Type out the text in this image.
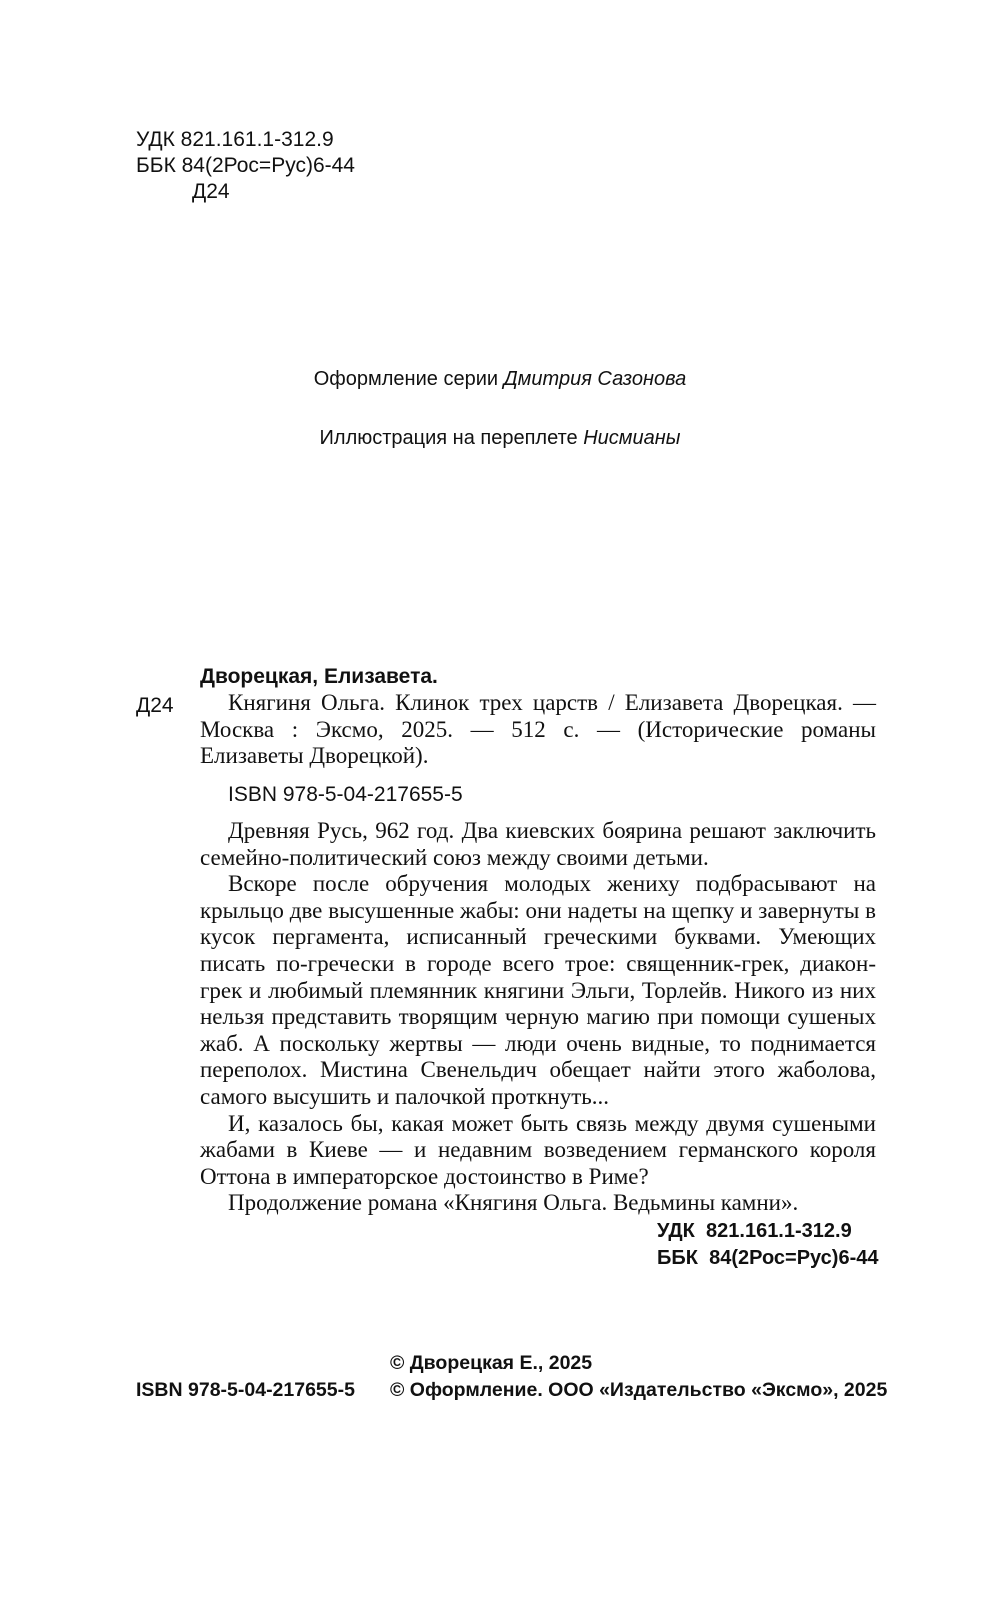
УДК 821.161.1-312.9
ББК 84(2Рос=Рус)6-44
Д24
Оформление серии Дмитрия Сазонова
Иллюстрация на переплете Нисмианы
Дворецкая, Елизавета.
Д24	Княгиня Ольга. Клинок трех царств / Елизавета Дворецкая. — Москва : Эксмо, 2025. — 512 с. — (Исторические романы Елизаветы Дворецкой).

ISBN 978-5-04-217655-5

Древняя Русь, 962 год. Два киевских боярина решают заключить семейно-политический союз между своими детьми.

Вскоре после обручения молодых жениху подбрасывают на крыльцо две высушенные жабы: они надеты на щепку и завернуты в кусок пергамента, исписанный греческими буквами. Умеющих писать по-гречески в городе всего трое: священник-грек, диакон-грек и любимый племянник княгини Эльги, Торлейв. Никого из них нельзя представить творящим черную магию при помощи сушеных жаб. А поскольку жертвы — люди очень видные, то поднимается переполох. Мистина Свенельдич обещает найти этого жаболова, самого высушить и палочкой проткнуть...

И, казалось бы, какая может быть связь между двумя сушеными жабами в Киеве — и недавним возведением германского короля Оттона в императорское достоинство в Риме?

Продолжение романа «Княгиня Ольга. Ведьмины камни».

УДК 821.161.1-312.9
ББК 84(2Рос=Рус)6-44
© Дворецкая Е., 2025
ISBN 978-5-04-217655-5 © Оформление. ООО «Издательство «Эксмо», 2025
